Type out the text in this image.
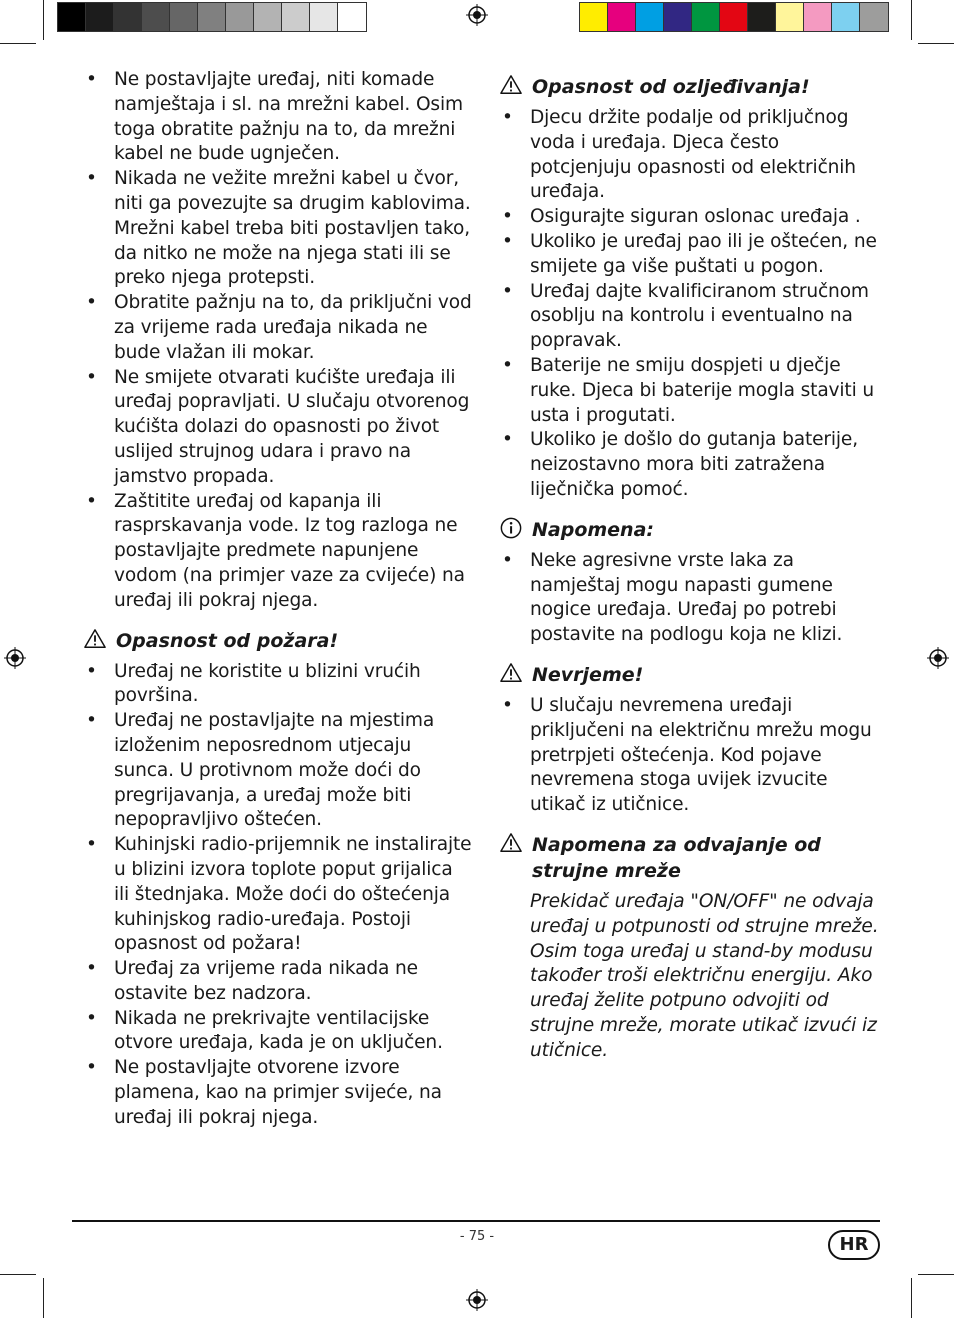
• Ne postavljajte uređaj, niti komade namještaja i sl. na mrežni kabel. Osim toga obratite pažnju na to, da mrežni kabel ne bude ugnječen.
• Nikada ne vežite mrežni kabel u čvor, niti ga povezujte sa drugim kablovima. Mrežni kabel treba biti postavljen tako, da nitko ne može na njega stati ili se preko njega protepsti.
• Obratite pažnju na to, da priključni vod za vrijeme rada uređaja nikada ne bude vlažan ili mokar.
• Ne smijete otvarati kućište uređaja ili uređaj popravljati. U slučaju otvorenog kućišta dolazi do opasnosti po život uslijed strujnog udara i pravo na jamstvo propada.
• Zaštitite uređaj od kapanja ili rasprskavanja vode. Iz tog razloga ne postavljajte predmete napunjene vodom (na primjer vaze za cvijeće) na uređaj ili pokraj njega.
Opasnost od požara!
• Uređaj ne koristite u blizini vrućih površina.
• Uređaj ne postavljajte na mjestima izloženim neposrednom utjecaju sunca. U protivnom može doći do pregrijavanja, a uređaj može biti nepopravljivo oštećen.
• Kuhinjski radio-prijemnik ne instalirajte u blizini izvora toplote poput grijalica ili štednjaka. Može doći do oštećenja kuhinjskog radio-uređaja. Postoji opasnost od požara!
• Uređaj za vrijeme rada nikada ne ostavite bez nadzora.
• Nikada ne prekrivajte ventilacijske otvore uređaja, kada je on uključen.
• Ne postavljajte otvorene izvore plamena, kao na primjer svijeće, na uređaj ili pokraj njega.
Opasnost od ozljeđivanja!
• Djecu držite podalje od priključnog voda i uređaja. Djeca često potcjenjuju opasnosti od električnih uređaja.
• Osigurajte siguran oslonac uređaja .
• Ukoliko je uređaj pao ili je oštećen, ne smijete ga više puštati u pogon.
• Uređaj dajte kvalificiranom stručnom osoblju na kontrolu i eventualno na popravak.
• Baterije ne smiju dospjeti u dječje ruke. Djeca bi baterije mogla staviti u usta i progutati.
• Ukoliko je došlo do gutanja baterije, neizostavno mora biti zatražena liječnička pomoć.
Napomena:
• Neke agresivne vrste laka za namještaj mogu napasti gumene nogice uređaja. Uređaj po potrebi postavite na podlogu koja ne klizi.
Nevrjeme!
• U slučaju nevremena uređaji priključeni na električnu mrežu mogu pretrpjeti oštećenja. Kod pojave nevremena stoga uvijek izvucite utikač iz utičnice.
Napomena za odvajanje od strujne mreže
Prekidač uređaja "ON/OFF" ne odvaja uređaj u potpunosti od strujne mreže. Osim toga uređaj u stand-by modusu također troši električnu energiju. Ako uređaj želite potpuno odvojiti od strujne mreže, morate utikač izvući iz utičnice.
- 75 -	HR
